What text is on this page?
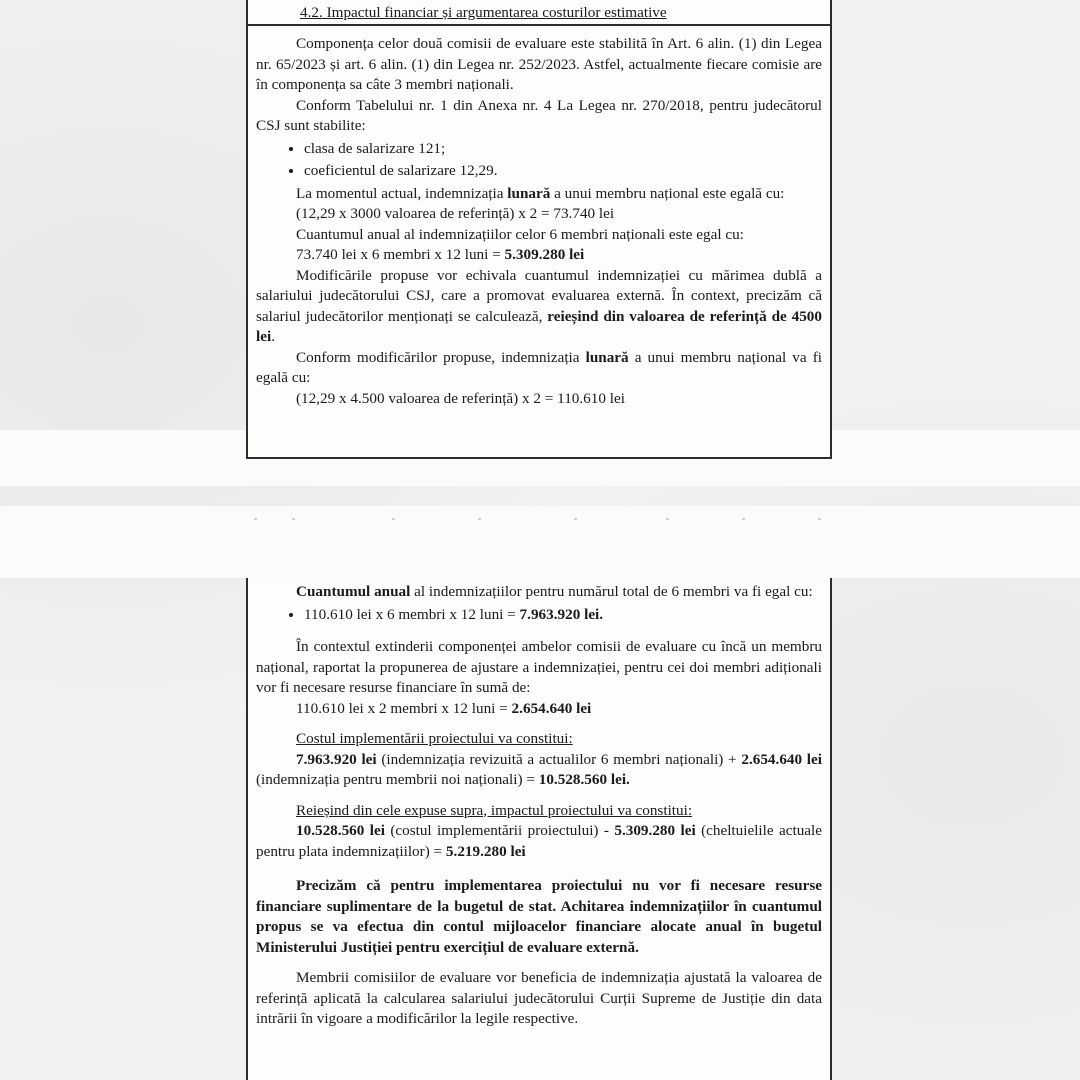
4.2. Impactul financiar și argumentarea costurilor estimative

Componența celor două comisii de evaluare este stabilită în Art. 6 alin. (1) din Legea nr. 65/2023 și art. 6 alin. (1) din Legea nr. 252/2023. Astfel, actualmente fiecare comisie are în componența sa câte 3 membri naționali.

Conform Tabelului nr. 1 din Anexa nr. 4 La Legea nr. 270/2018, pentru judecătorul CSJ sunt stabilite:

• clasa de salarizare 121;
• coeficientul de salarizare 12,29.

La momentul actual, indemnizația lunară a unui membru național este egală cu:

(12,29 x 3000 valoarea de referință) x 2 = 73.740 lei

Cuantumul anual al indemnizațiilor celor 6 membri naționali este egal cu:

73.740 lei x 6 membri x 12 luni = 5.309.280 lei

Modificările propuse vor echivala cuantumul indemnizației cu mărimea dublă a salariului judecătorului CSJ, care a promovat evaluarea externă. În context, precizăm că salariul judecătorilor menționați se calculează, reieșind din valoarea de referință de 4500 lei.

Conform modificărilor propuse, indemnizația lunară a unui membru național va fi egală cu:

(12,29 x 4.500 valoarea de referință) x 2 = 110.610 lei

Cuantumul anual al indemnizațiilor pentru numărul total de 6 membri va fi egal cu:

• 110.610 lei x 6 membri x 12 luni = 7.963.920 lei.

În contextul extinderii componenței ambelor comisii de evaluare cu încă un membru național, raportat la propunerea de ajustare a indemnizației, pentru cei doi membri adiționali vor fi necesare resurse financiare în sumă de:

110.610 lei x 2 membri x 12 luni = 2.654.640 lei

Costul implementării proiectului va constitui:

7.963.920 lei (indemnizația revizuită a actualilor 6 membri naționali) + 2.654.640 lei (indemnizația pentru membrii noi naționali) = 10.528.560 lei.

Reieșind din cele expuse supra, impactul proiectului va constitui:

10.528.560 lei (costul implementării proiectului) - 5.309.280 lei (cheltuielile actuale pentru plata indemnizațiilor) = 5.219.280 lei

Precizăm că pentru implementarea proiectului nu vor fi necesare resurse financiare suplimentare de la bugetul de stat. Achitarea indemnizațiilor în cuantumul propus se va efectua din contul mijloacelor financiare alocate anual în bugetul Ministerului Justiției pentru exercițiul de evaluare externă.

Membrii comisiilor de evaluare vor beneficia de indemnizația ajustată la valoarea de referință aplicată la calcularea salariului judecătorului Curții Supreme de Justiție din data intrării în vigoare a modificărilor la legile respective.
